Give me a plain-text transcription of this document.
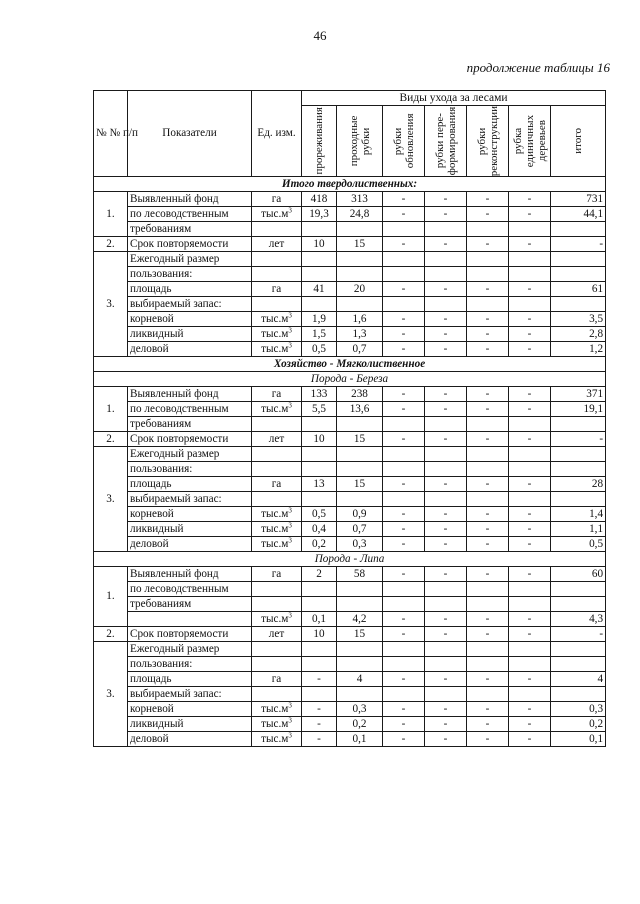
46
продолжение таблицы 16
№ № п/п	Показатели	Ед. изм.	Виды ухода за лесами						

			прореживания	проходные рубки	рубки обновления	рубки пере-формирования	рубки реконструкции	рубка единичных деревьев	итого

Итого твердолиственных:									
1.	Выявленный фонд	га	418	313	-	-	-	-	731
	по лесоводственным	$тыс.м^3$	19,3	24,8	-	-	-	-	44,1
	требованиям								
2.	Срок повторяемости	лет	10	15	-	-	-	-	-
3.	Ежегодный размер								
	пользования:								
	площадь	га	41	20	-	-	-	-	61
	выбираемый запас:								
	корневой	$тыс.м^3$	1,9	1,6	-	-	-	-	3,5
	ликвидный	$тыс.м^3$	1,5	1,3	-	-	-	-	2,8
	деловой	$тыс.м^3$	0,5	0,7	-	-	-	-	1,2
Хозяйство - Мягколиственное									
Порода - Береза									
1.	Выявленный фонд	га	133	238	-	-	-	-	371
	по лесоводственным	$тыс.м^3$	5,5	13,6	-	-	-	-	19,1
	требованиям								
2.	Срок повторяемости	лет	10	15	-	-	-	-	-
3.	Ежегодный размер								
	пользования:								
	площадь	га	13	15	-	-	-	-	28
	выбираемый запас:								
	корневой	$тыс.м^3$	0,5	0,9	-	-	-	-	1,4
	ликвидный	$тыс.м^3$	0,4	0,7	-	-	-	-	1,1
	деловой	$тыс.м^3$	0,2	0,3	-	-	-	-	0,5
Порода - Липа									
1.	Выявленный фонд	га	2	58	-	-	-	-	60
	по лесоводственным								
	требованиям								
		$тыс.м^3$	0,1	4,2	-	-	-	-	4,3
2.	Срок повторяемости	лет	10	15	-	-	-	-	-
3.	Ежегодный размер								
	пользования:								
	площадь	га	-	4	-	-	-	-	4
	выбираемый запас:								
	корневой	$тыс.м^3$	-	0,3	-	-	-	-	0,3
	ликвидный	$тыс.м^3$	-	0,2	-	-	-	-	0,2
	деловой	$тыс.м^3$	-	0,1	-	-	-	-	0,1
